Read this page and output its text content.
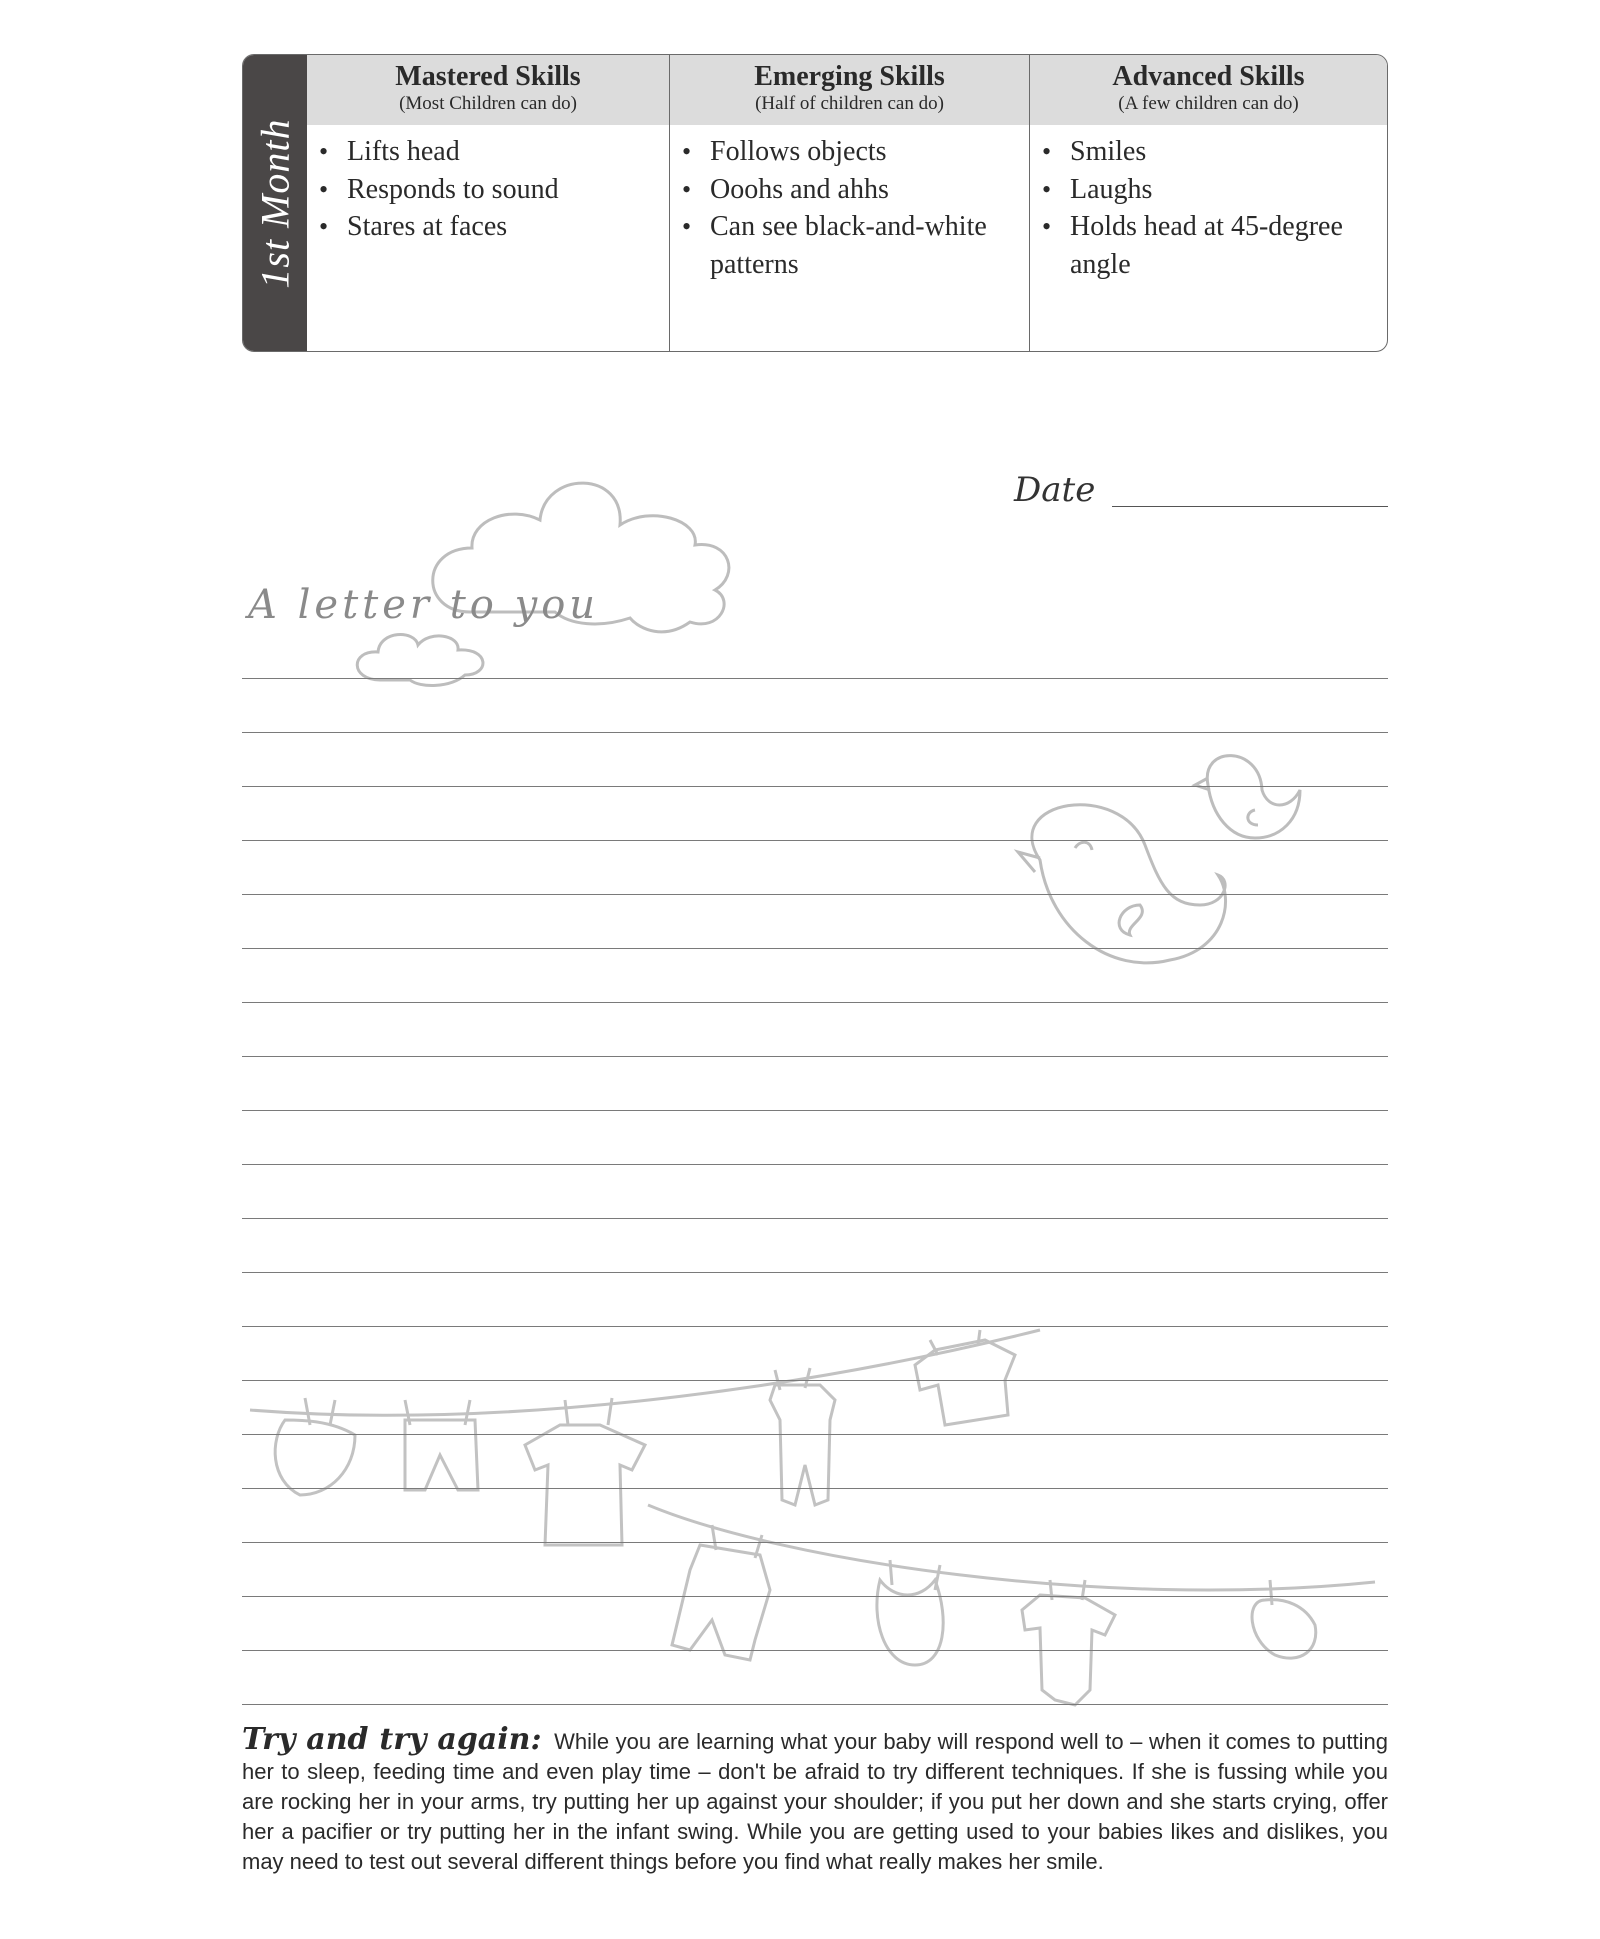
1st Month
Mastered Skills
(Most Children can do)
• Lifts head
• Responds to sound
• Stares at faces
Emerging Skills
(Half of children can do)
• Follows objects
• Ooohs and ahhs
• Can see black-and-white patterns
Advanced Skills
(A few children can do)
• Smiles
• Laughs
• Holds head at 45-degree angle
Date
A letter to you
Try and try again: While you are learning what your baby will respond well to – when it comes to putting her to sleep, feeding time and even play time – don't be afraid to try different techniques. If she is fussing while you are rocking her in your arms, try putting her up against your shoulder; if you put her down and she starts crying, offer her a pacifier or try putting her in the infant swing. While you are getting used to your babies likes and dislikes, you may need to test out several different things before you find what really makes her smile.
